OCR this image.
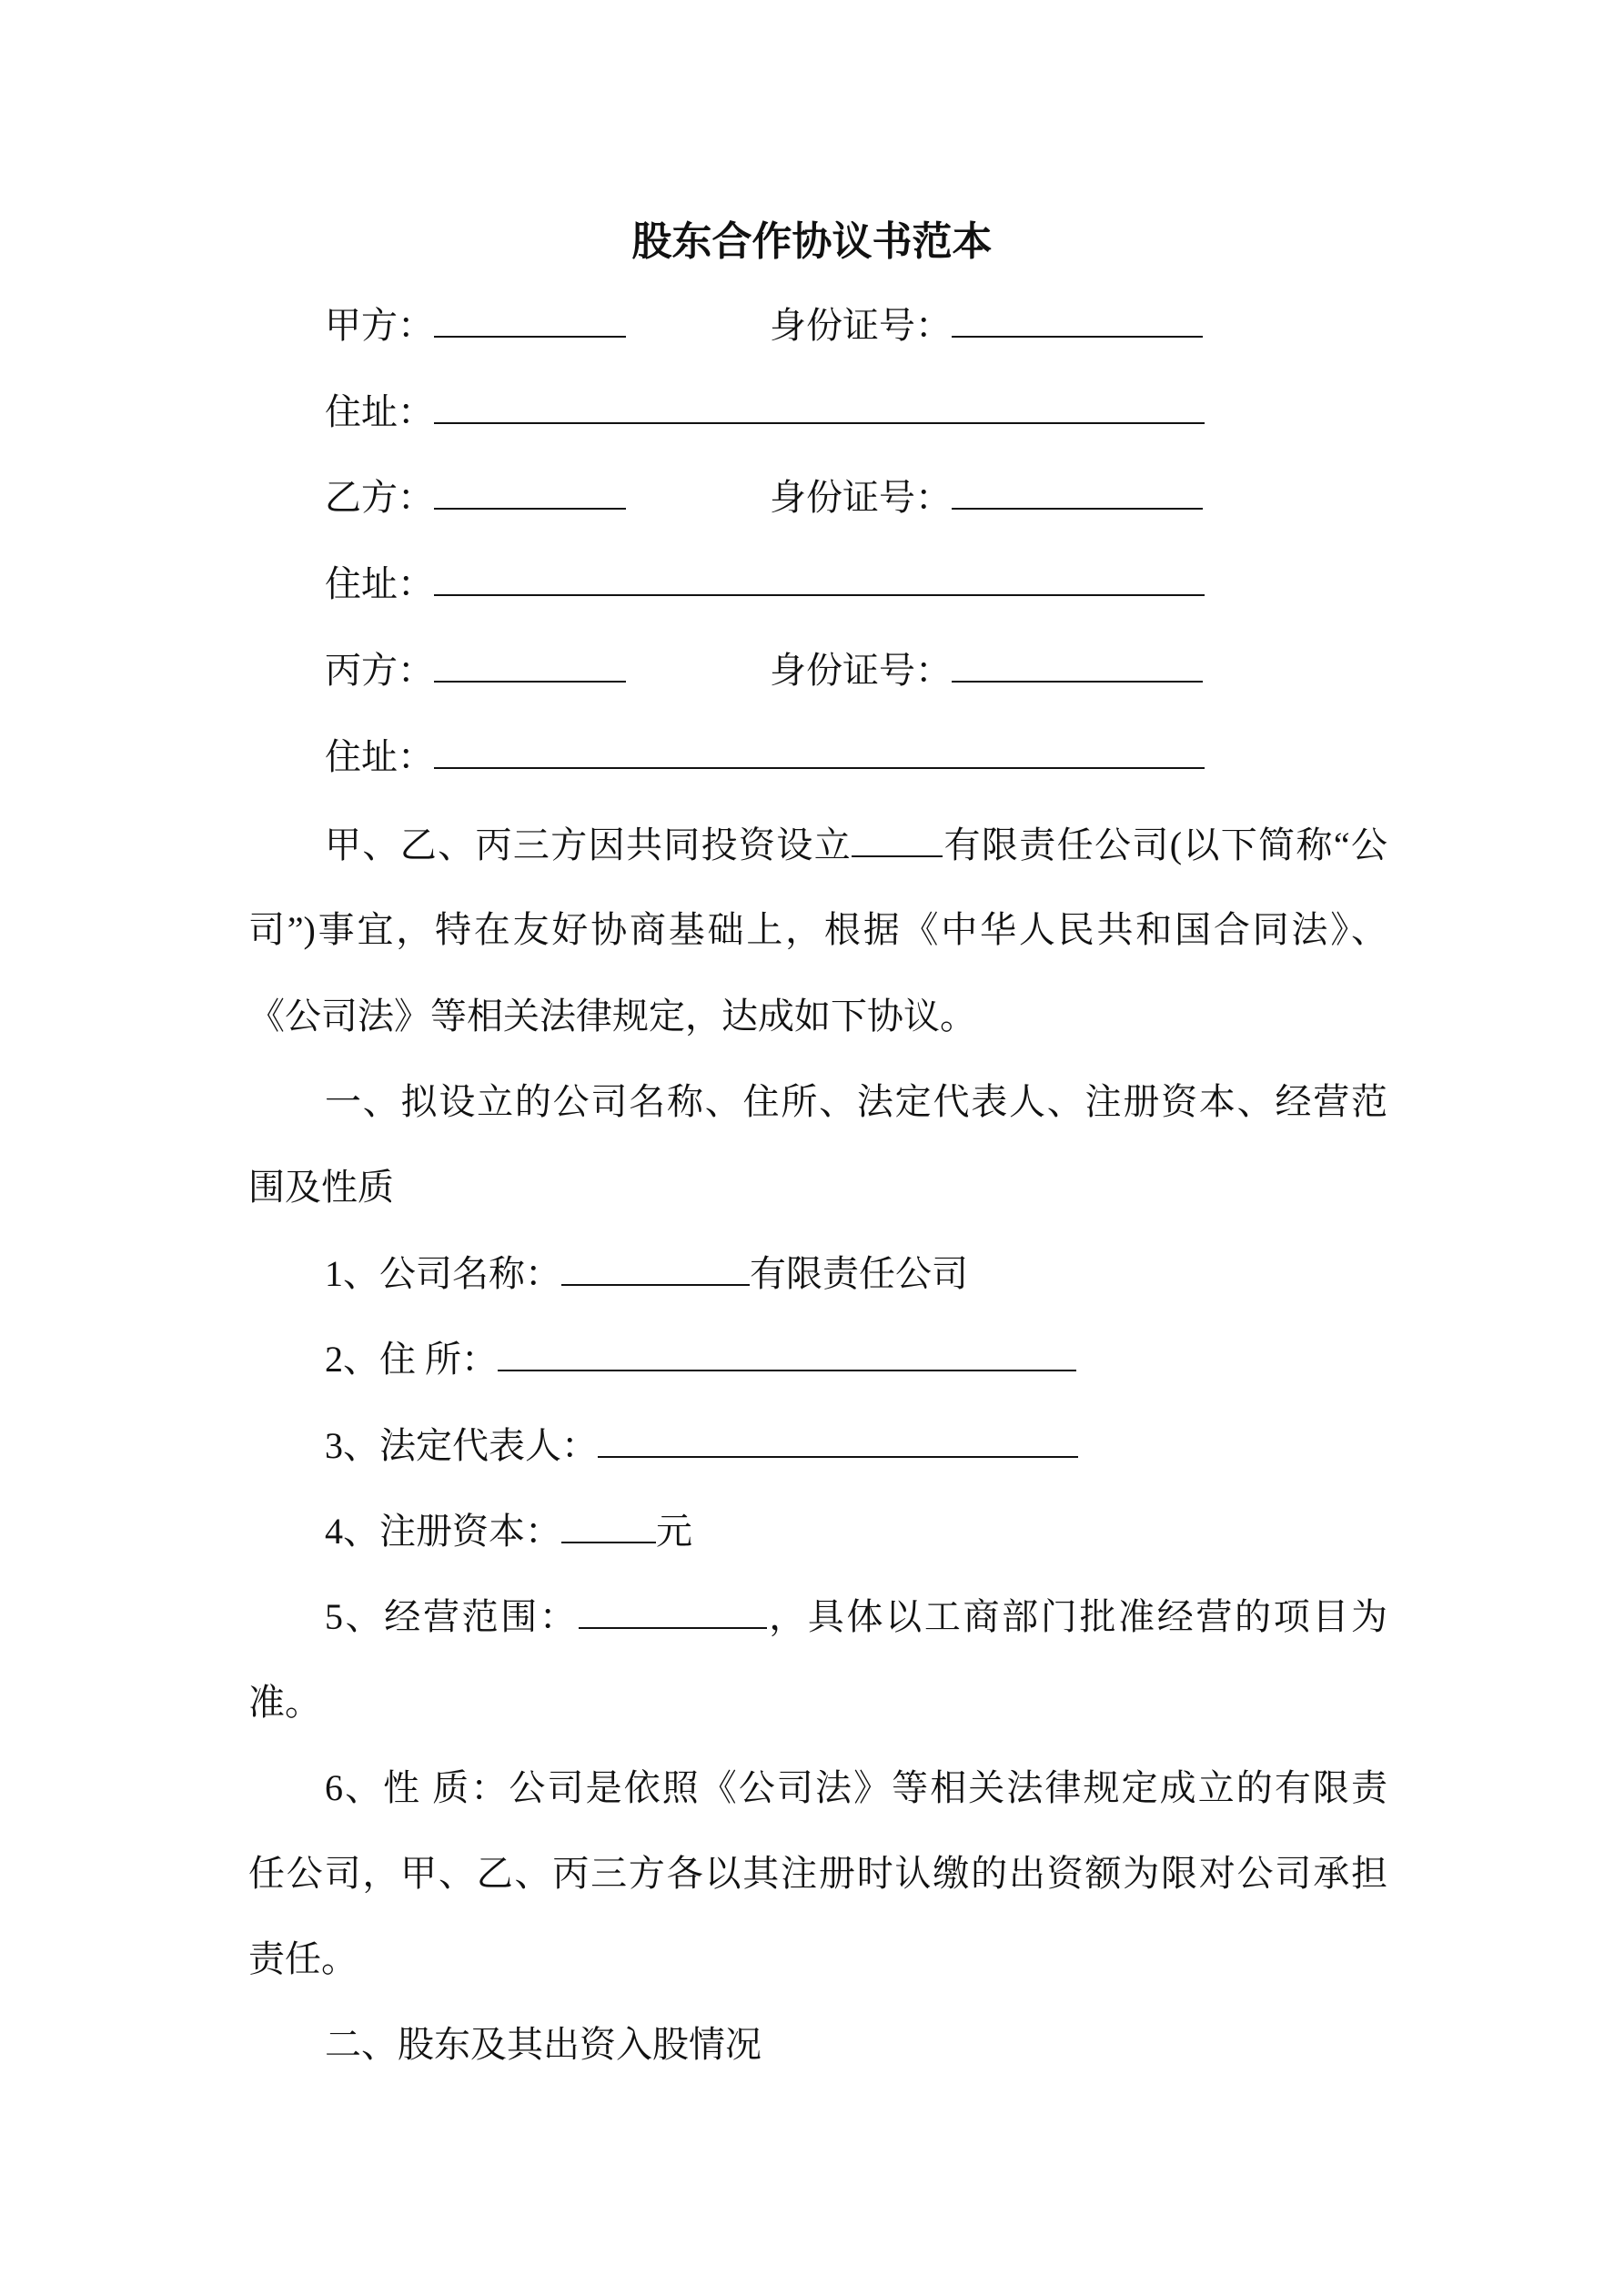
股东合作协议书范本
甲方：	身份证号：
住址：
乙方：	身份证号：
住址：
丙方：	身份证号：
住址：
甲、乙、丙三方因共同投资设立	有限责任公司(以下简称“公
司”)事宜，特在友好协商基础上，根据《中华人民共和国合同法》、
《公司法》等相关法律规定，达成如下协议。
一、拟设立的公司名称、住所、法定代表人、注册资本、经营范
围及性质
1、公司名称：	有限责任公司
2、住 所：
3、法定代表人：
4、注册资本：	元
5、经营范围：	，具体以工商部门批准经营的项目为
准。
6、性 质：公司是依照《公司法》等相关法律规定成立的有限责
任公司，甲、乙、丙三方各以其注册时认缴的出资额为限对公司承担
责任。
二、股东及其出资入股情况
